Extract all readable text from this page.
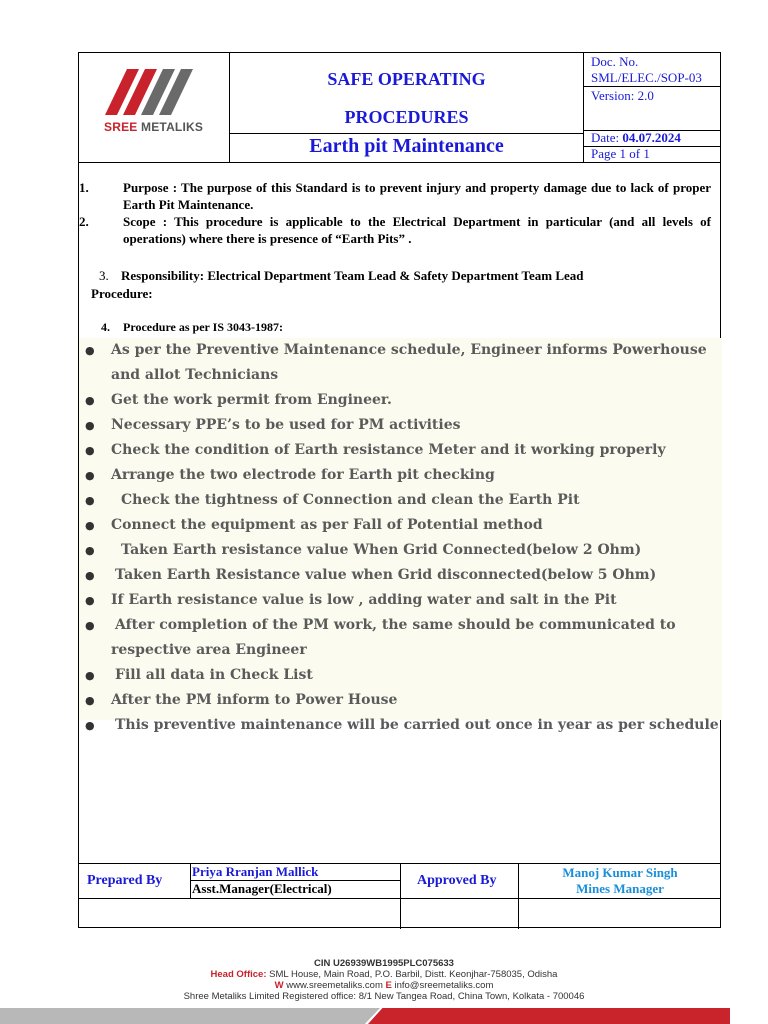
SREE METALIKS
SAFE OPERATING
PROCEDURES
Earth pit Maintenance
Doc. No. SML/ELEC./SOP-03
Version: 2.0
Date: 04.07.2024
Page 1 of 1
1.	Purpose : The purpose of this Standard is to prevent injury and property damage due to lack of proper Earth Pit Maintenance.
2.	Scope : This procedure is applicable to the Electrical Department in particular (and all levels of operations) where there is presence of “Earth Pits” .
3. Responsibility: Electrical Department Team Lead & Safety Department Team Lead
Procedure:
4. Procedure as per IS 3043-1987:
● As per the Preventive Maintenance schedule, Engineer informs Powerhouse
and allot Technicians
● Get the work permit from Engineer.
● Necessary PPE’s to be used for PM activities
● Check the condition of Earth resistance Meter and it working properly
● Arrange the two electrode for Earth pit checking
● Check the tightness of Connection and clean the Earth Pit
● Connect the equipment as per Fall of Potential method
● Taken Earth resistance value When Grid Connected(below 2 Ohm)
● Taken Earth Resistance value when Grid disconnected(below 5 Ohm)
● If Earth resistance value is low , adding water and salt in the Pit
● After completion of the PM work, the same should be communicated to
respective area Engineer
● Fill all data in Check List
● After the PM inform to Power House
● This preventive maintenance will be carried out once in year as per schedule
Prepared By
Priya Rranjan Mallick
Asst.Manager(Electrical)
Approved By
Manoj Kumar Singh
Mines Manager
CIN U26939WB1995PLC075633
Head Office: SML House, Main Road, P.O. Barbil, Distt. Keonjhar-758035, Odisha
W www.sreemetaliks.com E info@sreemetaliks.com
Shree Metaliks Limited Registered office: 8/1 New Tangea Road, China Town, Kolkata - 700046
